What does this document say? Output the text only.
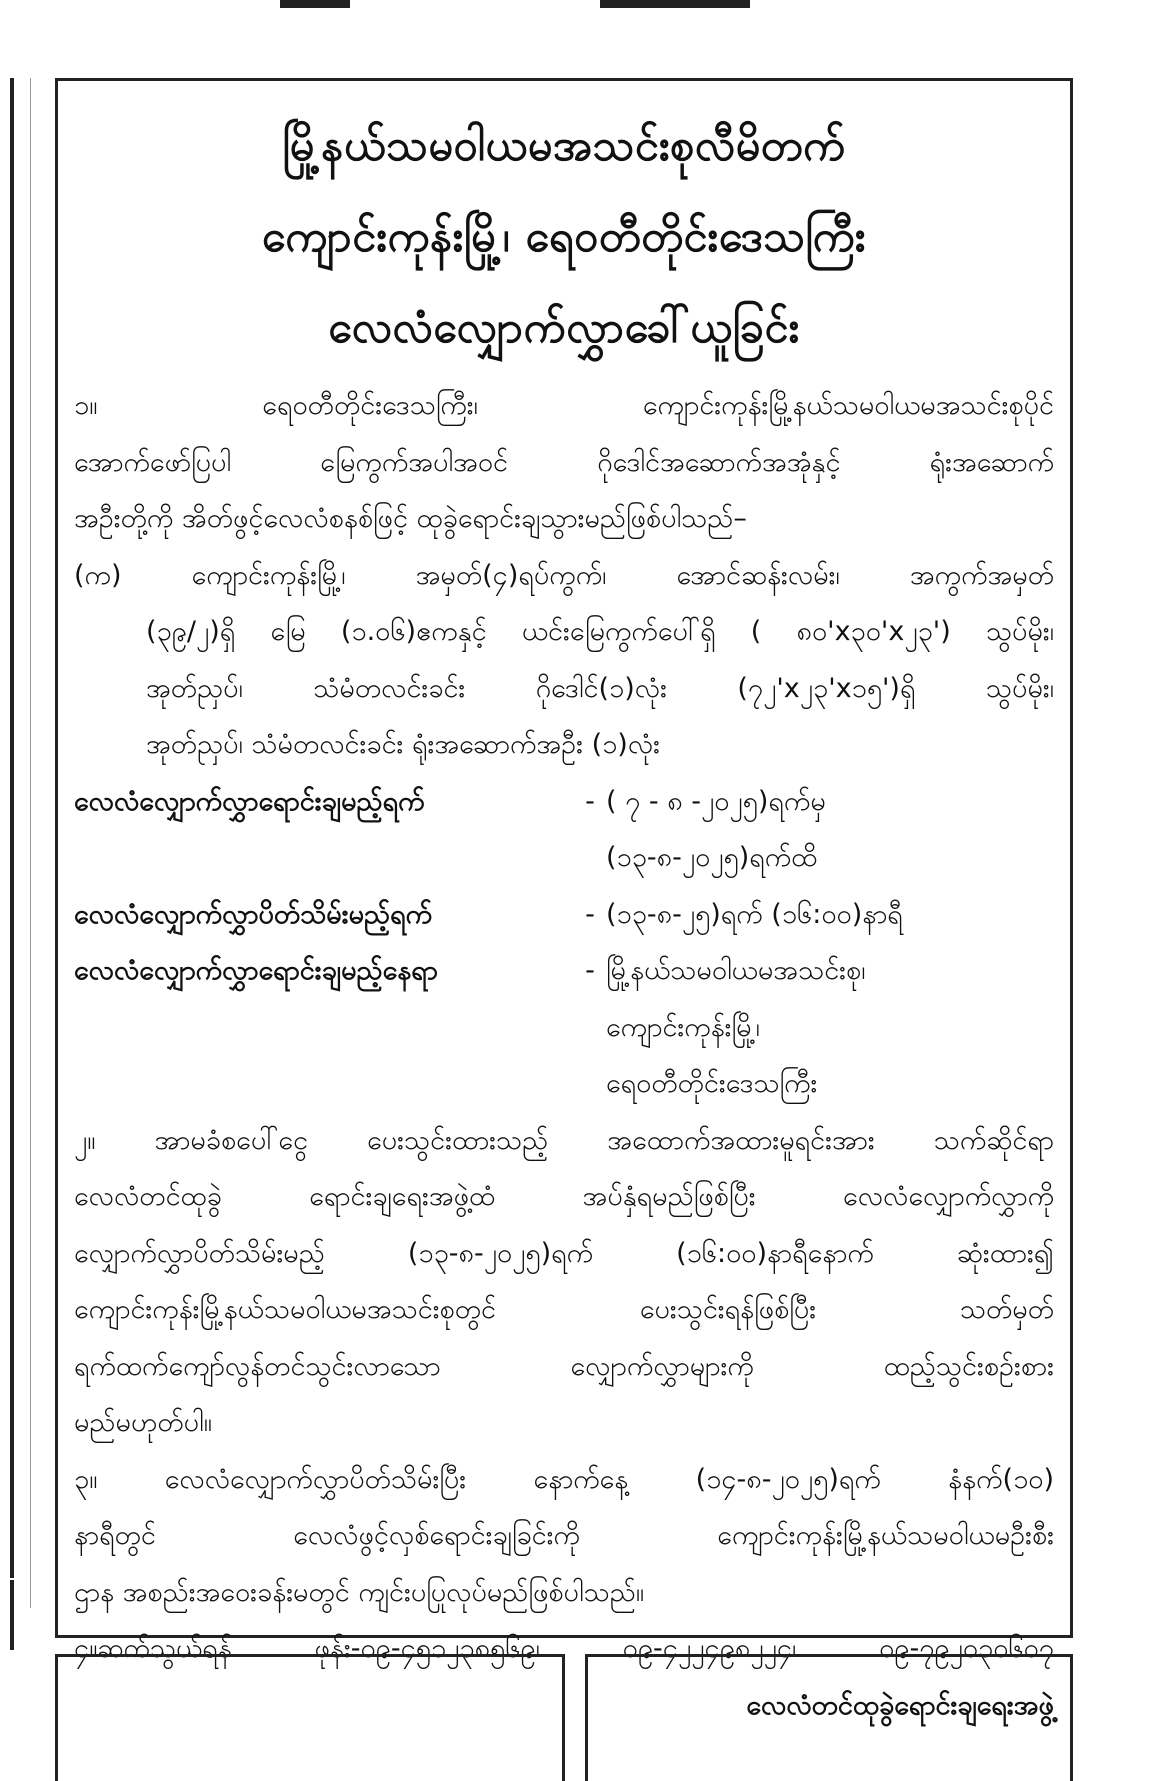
မြို့နယ်သမဝါယမအသင်းစုလီမိတက်
ကျောင်းကုန်းမြို့၊ ရေ၀တီတိုင်းဒေသကြီး
လေလံလျှောက်လွှာခေါ်ယူခြင်း
၁။ ရေ၀တီတိုင်းဒေသကြီး၊ ကျောင်းကုန်းမြို့နယ်သမဝါယမအသင်းစုပိုင်
အောက်ဖော်ပြပါ မြေကွက်အပါအဝင် ဂိုဒေါင်အဆောက်အအုံနှင့် ရုံးအဆောက်
အဦးတို့ကို အိတ်ဖွင့်လေလံစနစ်ဖြင့် ထုခွဲရောင်းချသွားမည်ဖြစ်ပါသည်–
(က) ကျောင်းကုန်းမြို့၊ အမှတ်(၄)ရပ်ကွက်၊ အောင်ဆန်းလမ်း၊ အကွက်အမှတ်
(၃၉/၂)ရှိ မြေ (၁.၀၆)ဧကနှင့် ယင်းမြေကွက်ပေါ်ရှိ ( ၈၀'x၃၀'x၂၃') သွပ်မိုး၊
အုတ်ညှပ်၊ သံမံတလင်းခင်း ဂိုဒေါင်(၁)လုံး (၇၂'x၂၃'x၁၅')ရှိ သွပ်မိုး၊
အုတ်ညှပ်၊ သံမံတလင်းခင်း ရုံးအဆောက်အဦး (၁)လုံး
လေလံလျှောက်လွှာရောင်းချမည့်ရက်	- ( ၇ - ၈ -၂၀၂၅)ရက်မှ
(၁၃-၈-၂၀၂၅)ရက်ထိ
လေလံလျှောက်လွှာပိတ်သိမ်းမည့်ရက်	- (၁၃-၈-၂၅)ရက် (၁၆:၀၀)နာရီ
လေလံလျှောက်လွှာရောင်းချမည့်နေရာ	- မြို့နယ်သမဝါယမအသင်းစု၊
ကျောင်းကုန်းမြို့၊
ရေ၀တီတိုင်းဒေသကြီး
၂။ အာမခံစပေါ်ငွေ ပေးသွင်းထားသည့် အထောက်အထားမူရင်းအား သက်ဆိုင်ရာ
လေလံတင်ထုခွဲ ရောင်းချရေးအဖွဲ့ထံ အပ်နှံရမည်ဖြစ်ပြီး လေလံလျှောက်လွှာကို
လျှောက်လွှာပိတ်သိမ်းမည့် (၁၃-၈-၂၀၂၅)ရက် (၁၆:၀၀)နာရီနောက် ဆုံးထား၍
ကျောင်းကုန်းမြို့နယ်သမဝါယမအသင်းစုတွင် ပေးသွင်းရန်ဖြစ်ပြီး သတ်မှတ်
ရက်ထက်ကျော်လွန်တင်သွင်းလာသော လျှောက်လွှာများကို ထည့်သွင်းစဉ်းစား
မည်မဟုတ်ပါ။
၃။ လေလံလျှောက်လွှာပိတ်သိမ်းပြီး နောက်နေ့ (၁၄-၈-၂၀၂၅)ရက် နံနက်(၁၀)
နာရီတွင် လေလံဖွင့်လှစ်ရောင်းချခြင်းကို ကျောင်းကုန်းမြို့နယ်သမဝါယမဦးစီး
ဌာန အစည်းအဝေးခန်းမတွင် ကျင်းပပြုလုပ်မည်ဖြစ်ပါသည်။
၄။ဆက်သွယ်ရန် ဖုန်း-၀၉-၄၅၁၂၃၈၅၆၉၊ ၀၉-၄၂၂၄၉၈၂၂၄၊ ၀၉-၇၉၂၀၃၀၆၀၇
လေလံတင်ထုခွဲရောင်းချရေးအဖွဲ့
